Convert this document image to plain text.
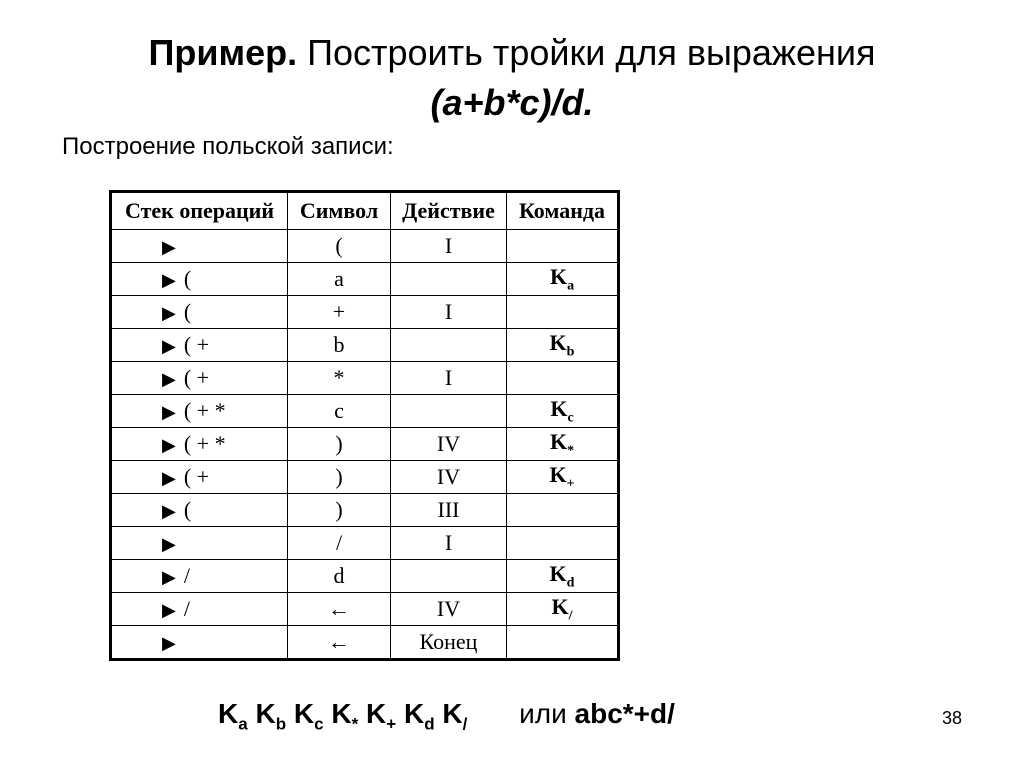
Пример. Построить тройки для выражения
(a+b*c)/d.
Построение польской записи:
Стек операций	Символ	Действие	Команда
▶	(	I	
▶ (	a		$K_a$
▶ (	+	I	
▶ ( +	b		$K_b$
▶ ( +	*	I	
▶ ( + *	c		$K_c$
▶ ( + *	)	IV	$K_*$
▶ ( +	)	IV	$K_+$
▶ (	)	III	
▶	/	I	
▶ /	d		$K_d$
▶ /	←	IV	$K_/$
▶	←	Конец	
$K_a$ $K_b$ $K_c$ $K_*$ $K_+$ $K_d$ $K_/$ или abc*+d/	38
